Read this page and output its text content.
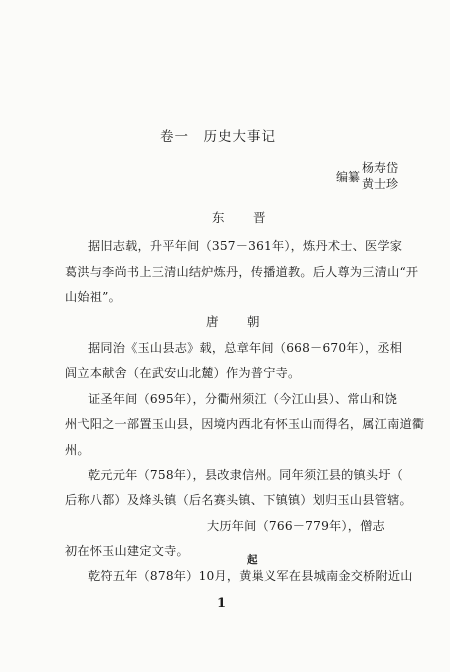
卷一　历史大事记
编纂
杨寿岱
黄士珍
东　晋
据旧志载，升平年间（357－361年），炼丹术士、医学家
葛洪与李尚书上三清山结炉炼丹，传播道教。后人尊为三清山“开
山始祖”。
唐　朝
据同治《玉山县志》载，总章年间（668－670年），丞相
闾立本献舍（在武安山北麓）作为普宁寺。
证圣年间（695年），分衢州须江（今江山县）、常山和饶
州弋阳之一部置玉山县，因境内西北有怀玉山而得名，属江南道衢
州。
乾元元年（758年），县改隶信州。同年须江县的镇头圩（
后称八都）及烽头镇（后名赛头镇、下镇镇）划归玉山县管辖。
大历年间（766－779年），僧志
初在怀玉山建定文寺。
起
乾符五年（878年）10月，黄巢义军在县城南金交桥附近山
1
